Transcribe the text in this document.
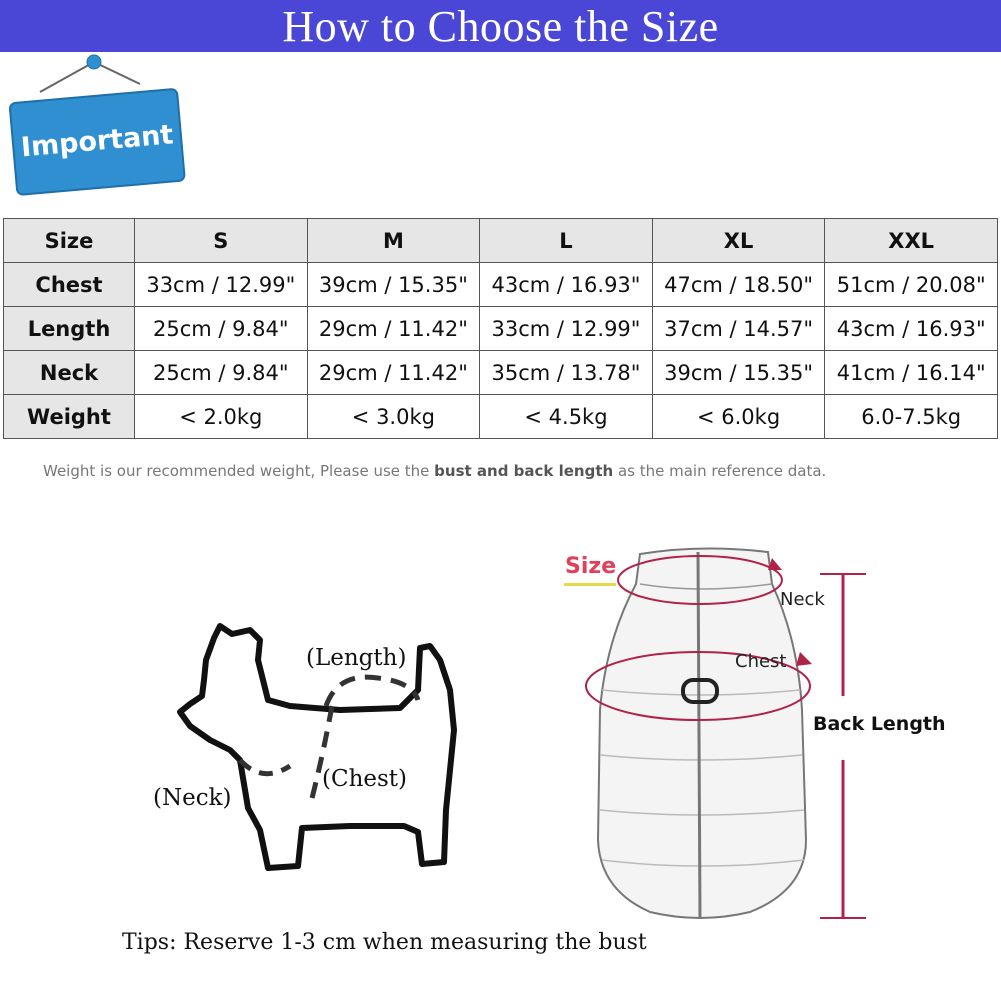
How to Choose the Size
Important
Size	S	M	L	XL	XXL
Chest	33cm / 12.99"	39cm / 15.35"	43cm / 16.93"	47cm / 18.50"	51cm / 20.08"
Length	25cm / 9.84"	29cm / 11.42"	33cm / 12.99"	37cm / 14.57"	43cm / 16.93"
Neck	25cm / 9.84"	29cm / 11.42"	35cm / 13.78"	39cm / 15.35"	41cm / 16.14"
Weight	< 2.0kg	< 3.0kg	< 4.5kg	< 6.0kg	6.0-7.5kg
Weight is our recommended weight, Please use the bust and back length as the main reference data.
(Length)
(Neck)
(Chest)
Size
Neck
Chest
Back Length
Tips: Reserve 1-3 cm when measuring the bust
